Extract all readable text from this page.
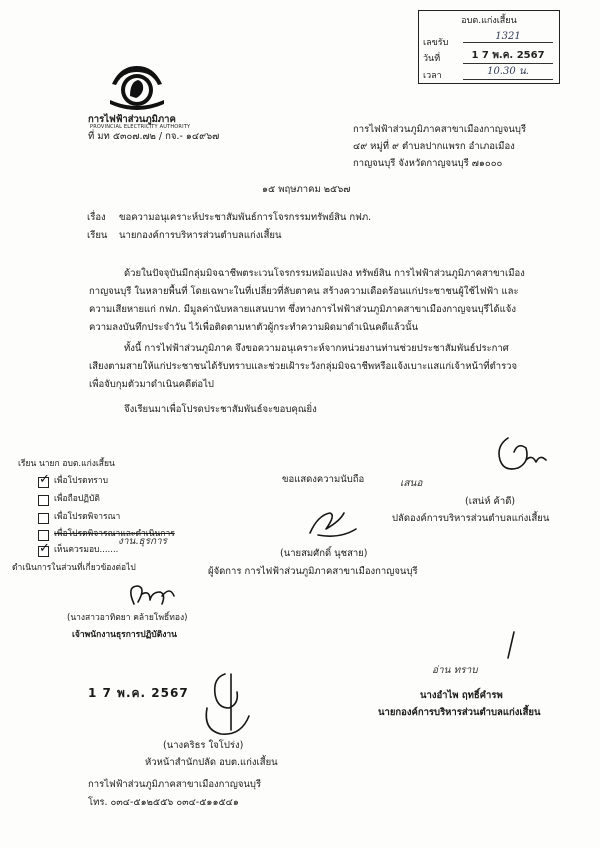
อบต.แก่งเสี้ยน
เลขรับ
1321
วันที่	1 7 พ.ค. 2567
เวลา	10.30 น.
การไฟฟ้าส่วนภูมิภาค
PROVINCIAL ELECTRICITY AUTHORITY
ที่ มท ๕๓๐๗.๗๒ / กจ.- ๑๔๙๖๗
การไฟฟ้าส่วนภูมิภาคสาขาเมืองกาญจนบุรี
๔๙ หมู่ที่ ๙ ตำบลปากแพรก อำเภอเมือง
กาญจนบุรี จังหวัดกาญจนบุรี ๗๑๐๐๐
๑๕ พฤษภาคม ๒๕๖๗
เรื่อง ขอความอนุเคราะห์ประชาสัมพันธ์การโจรกรรมทรัพย์สิน กฟภ.
เรียน นายกองค์การบริหารส่วนตำบลแก่งเสี้ยน
ด้วยในปัจจุบันมีกลุ่มมิจฉาชีพตระเวนโจรกรรมหม้อแปลง ทรัพย์สิน การไฟฟ้าส่วนภูมิภาคสาขาเมือง
กาญจนบุรี ในหลายพื้นที่ โดยเฉพาะในที่เปลี่ยวที่ลับตาคน สร้างความเดือดร้อนแก่ประชาชนผู้ใช้ไฟฟ้า และ
ความเสียหายแก่ กฟภ. มีมูลค่านับหลายแสนบาท ซึ่งทางการไฟฟ้าส่วนภูมิภาคสาขาเมืองกาญจนบุรีได้แจ้ง
ความลงบันทึกประจำวัน ไว้เพื่อติดตามหาตัวผู้กระทำความผิดมาดำเนินคดีแล้วนั้น
ทั้งนี้ การไฟฟ้าส่วนภูมิภาค จึงขอความอนุเคราะห์จากหน่วยงานท่านช่วยประชาสัมพันธ์ประกาศ
เสียงตามสายให้แก่ประชาชนได้รับทราบและช่วยเฝ้าระวังกลุ่มมิจฉาชีพหรือแจ้งเบาะแสแก่เจ้าหน้าที่ตำรวจ
เพื่อจับกุมตัวมาดำเนินคดีต่อไป
จึงเรียนมาเพื่อโปรดประชาสัมพันธ์จะขอบคุณยิ่ง
เรียน นายก อบต.แก่งเสี้ยน
✓
เพื่อโปรดทราบ
เพื่อถือปฏิบัติ
เพื่อโปรดพิจารณา
เพื่อโปรดพิจารณาและดำเนินการ
✓
เห็นควรมอบ.......
งาน.ธุรการ
ดำเนินการในส่วนที่เกี่ยวข้องต่อไป
(นางสาวอาทิตยา คล้ายโพธิ์ทอง)
เจ้าพนักงานธุรการปฏิบัติงาน
1 7 พ.ค. 2567
ขอแสดงความนับถือ
(นายสมศักดิ์ นุชสาย)
ผู้จัดการ การไฟฟ้าส่วนภูมิภาคสาขาเมืองกาญจนบุรี
เสนอ
(เสน่ห์ ค้าดี)
ปลัดองค์การบริหารส่วนตำบลแก่งเสี้ยน
อ่าน ทราบ
นางอำไพ ฤทธิ์คำรพ
นายกองค์การบริหารส่วนตำบลแก่งเสี้ยน
(นางคริธร ใจโปร่ง)
หัวหน้าสำนักปลัด อบต.แก่งเสี้ยน
การไฟฟ้าส่วนภูมิภาคสาขาเมืองกาญจนบุรี
โทร. ๐๓๔-๕๑๒๕๕๖ ๐๓๔-๕๑๑๕๔๑
